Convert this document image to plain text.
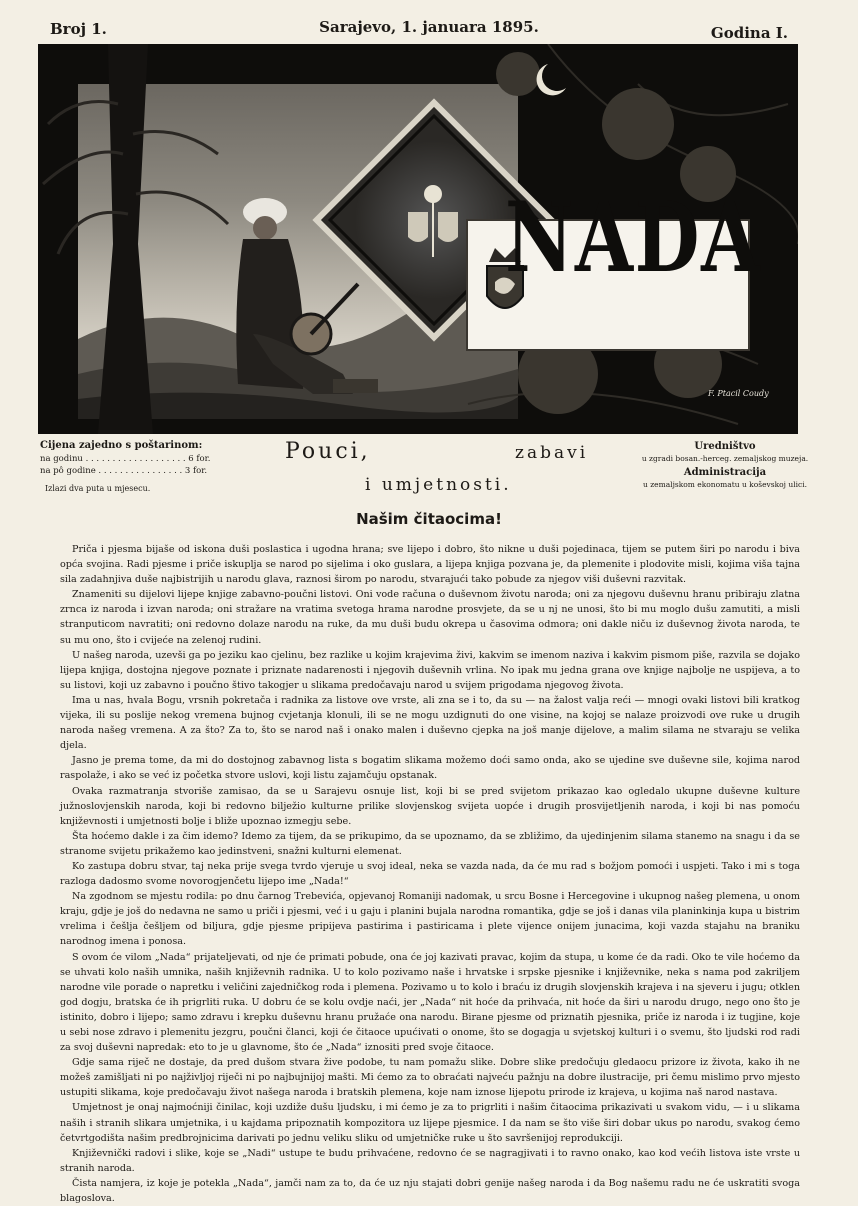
Broj 1.	Sarajevo, 1. januara 1895.	Godina I.
NADA
F. Ptacil Coudy
Cijena zajedno s poštarinom:
na godinu . . . . . . . . . . . . . . . . . . . 6 for.
na pô godine . . . . . . . . . . . . . . . . 3 for.
Izlazi dva puta u mjesecu.
Pouci,	zabavi
i umjetnosti.
Uredništvo
u zgradi bosan.-herceg. zemaljskog muzeja.
Administracija
u zemaljskom ekonomatu u koševskoj ulici.
Našim čitaocima!

Priča i pjesma bijaše od iskona duši poslastica i ugodna hrana; sve lijepo i dobro, što nikne u duši pojedinaca, tijem se putem širi po narodu i biva opća svojina. Radi pjesme i priče iskuplja se narod po sijelima i oko guslara, a lijepa knjiga pozvana je, da plemenite i plodovite misli, kojima viša tajna sila zadahnjiva duše najbistrijih u narodu glava, raznosi širom po narodu, stvarajući tako pobude za njegov viši duševni razvitak.

Znameniti su dijelovi lijepe knjige zabavno-poučni listovi. Oni vode računa o duševnom životu naroda; oni za njegovu duševnu hranu pribiraju zlatna zrnca iz naroda i izvan naroda; oni stražare na vratima svetoga hrama narodne prosvjete, da se u nj ne unosi, što bi mu moglo dušu zamutiti, a misli stranputicom navratiti; oni redovno dolaze narodu na ruke, da mu duši budu okrepa u časovima odmora; oni dakle niču iz duševnog života naroda, te su mu ono, što i cvijeće na zelenoj rudini.

U našeg naroda, uzevši ga po jeziku kao cjelinu, bez razlike u kojim krajevima živi, kakvim se imenom naziva i kakvim pismom piše, razvila se dojako lijepa knjiga, dostojna njegove poznate i priznate nadarenosti i njegovih duševnih vrlina. No ipak mu jedna grana ove knjige najbolje ne uspijeva, a to su listovi, koji uz zabavno i poučno štivo takogjer u slikama predočavaju narod u svijem prigodama njegovog života.

Ima u nas, hvala Bogu, vrsnih pokretača i radnika za listove ove vrste, ali zna se i to, da su — na žalost valja reći — mnogi ovaki listovi bili kratkog vijeka, ili su poslije nekog vremena bujnog cvjetanja klonuli, ili se ne mogu uzdignuti do one visine, na kojoj se nalaze proizvodi ove ruke u drugih naroda našeg vremena. A za što? Za to, što se narod naš i onako malen i duševno cjepka na još manje dijelove, a malim silama ne stvaraju se velika djela.

Jasno je prema tome, da mi do dostojnog zabavnog lista s bogatim slikama možemo doći samo onda, ako se ujedine sve duševne sile, kojima narod raspolaže, i ako se već iz početka stvore uslovi, koji listu zajamčuju opstanak.

Ovaka razmatranja stvoriše zamisao, da se u Sarajevu osnuje list, koji bi se pred svijetom prikazao kao ogledalo ukupne duševne kulture južnoslovjenskih naroda, koji bi redovno bilježio kulturne prilike slovjenskog svijeta uopće i drugih prosvijetljenih naroda, i koji bi nas pomoću književnosti i umjetnosti bolje i bliže upoznao izmegju sebe.

Šta hoćemo dakle i za čim idemo? Idemo za tijem, da se prikupimo, da se upoznamo, da se zbližimo, da ujedinjenim silama stanemo na snagu i da se stranome svijetu prikažemo kao jedinstveni, snažni kulturni elemenat.

Ko zastupa dobru stvar, taj neka prije svega tvrdo vjeruje u svoj ideal, neka se vazda nada, da će mu rad s božjom pomoći i uspjeti. Tako i mi s toga razloga dadosmo svome novorogjenčetu lijepo ime „Nada!“

Na zgodnom se mjestu rodila: po dnu čarnog Trebevića, opjevanoj Romaniji nadomak, u srcu Bosne i Hercegovine i ukupnog našeg plemena, u onom kraju, gdje je još do nedavna ne samo u priči i pjesmi, već i u gaju i planini bujala narodna romantika, gdje se još i danas vila planinkinja kupa u bistrim vrelima i češlja češljem od biljura, gdje pjesme pripijeva pastirima i pastiricama i plete vijence onijem junacima, koji vazda stajahu na braniku narodnog imena i ponosa.

S ovom će vilom „Nada“ prijateljevati, od nje će primati pobude, ona će joj kazivati pravac, kojim da stupa, u kome će da radi. Oko te vile hoćemo da se uhvati kolo naših umnika, naših književnih radnika. U to kolo pozivamo naše i hrvatske i srpske pjesnike i književnike, neka s nama pod zakriljem narodne vile porade o napretku i veličini zajedničkog roda i plemena. Pozivamo u to kolo i braću iz drugih slovjenskih krajeva i na sjeveru i jugu; otklen god dogju, bratska će ih prigrliti ruka. U dobru će se kolu ovdje naći, jer „Nada“ nit hoće da prihvaća, nit hoće da širi u narodu drugo, nego ono što je istinito, dobro i lijepo; samo zdravu i krepku duševnu hranu pružaće ona narodu. Birane pjesme od priznatih pjesnika, priče iz naroda i iz tugjine, koje u sebi nose zdravo i plemenitu jezgru, poučni članci, koji će čitaoce upućivati o onome, što se dogagja u svjetskoj kulturi i o svemu, što ljudski rod radi za svoj duševni napredak: eto to je u glavnome, što će „Nada“ iznositi pred svoje čitaoce.

Gdje sama riječ ne dostaje, da pred dušom stvara žive podobe, tu nam pomažu slike. Dobre slike predočuju gledaocu prizore iz života, kako ih ne možeš zamišljati ni po najživljoj riječi ni po najbujnijoj mašti. Mi ćemo za to obraćati najveću pažnju na dobre ilustracije, pri čemu mislimo prvo mjesto ustupiti slikama, koje predočavaju život našega naroda i bratskih plemena, koje nam iznose lijepotu prirode iz krajeva, u kojima naš narod nastava.

Umjetnost je onaj najmoćniji činilac, koji uzdiže dušu ljudsku, i mi ćemo je za to prigrliti i našim čitaocima prikazivati u svakom vidu, — i u slikama naših i stranih slikara umjetnika, i u kajdama pripoznatih kompozitora uz lijepe pjesmice. I da nam se što više širi dobar ukus po narodu, svakog ćemo četvrtgodišta našim predbrojnicima darivati po jednu veliku sliku od umjetničke ruke u što savršenijoj reprodukciji.

Književnički radovi i slike, koje se „Nadi“ ustupe te budu prihvaćene, redovno će se nagragjivati i to ravno onako, kao kod većih listova iste vrste u stranih naroda.

Čista namjera, iz koje je potekla „Nada“, jamči nam za to, da će uz nju stajati dobri genije našeg naroda i da Bog našemu radu ne će uskratiti svoga blagoslova.
